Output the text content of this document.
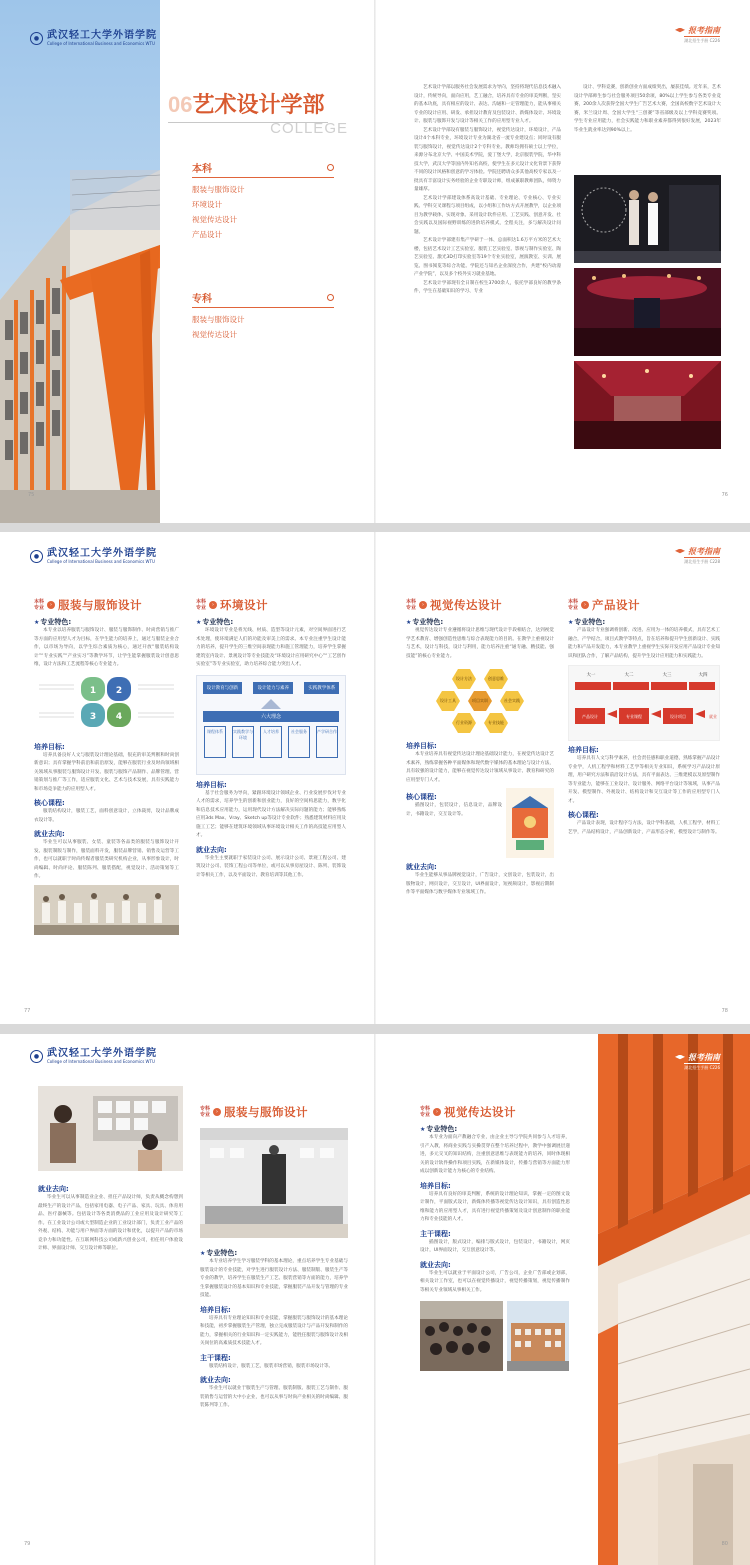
● 武汉轻工大学外语学院
College of International Business and Economics WTU
75
06艺术设计学部
COLLEGE
本科
服装与服饰设计
环境设计
视觉传达设计
产品设计
专科
服装与服饰设计
视觉传达设计
报考指南
湖北招生手册 C226

艺术设计学部以服务社会发展需求为导向，坚持将现代信息技术融入设计，传统导向，面向应用，艺工融合，培养具有专业的审美判断，坚实的基本功底，具有相应的设计、表达、沟通和一定管理能力，能从事相关专业的设计应用、研发、承担设计教育及包装设计、新媒体设计、环境设计、服装与服饰开发与设计等相关工作的应用型专业人才。

艺术设计学部设有服装与服饰设计，视觉传达设计，环境设计，产品设计4个本科专业，环境设计专业为湖北省一流专业建设点；同时设有服装与服饰设计，视觉传达设计2个专科专业。教师均拥有硕士以上学位，来源分布北京大学、中国美术学院，爱丁堡大学，北京服装学院，华中科技大学，武汉大学等国内外知名高校，使学生在多元设计文化背景下获得不同的设计风格和创意的学习体验。学院还聘请众多其他高校专家以及一批具有丰富设计实务经验的企业专职设计师，组成兼职教师团队，师资力量雄厚。

艺术设计学部建设体系高设计基础、专业理论、专业核心、专业实践、学科交叉课程与项目组成，以小组和工作坊方式开展教学，以企业项目为教学载体，实现对象、采用设计软件应用、工艺实践、创意开发、社会实践以及国际视野训练的进阶培养模式，全程关注，多与解决设计问题。

艺术设计学部建有集产学研于一体、总面积达1.6万平方米的艺术大楼，包括艺术设计工艺实验室、服装工艺实验室、影视与制作实验室、陶艺实验室、激光3D打印实验室等19个专业实验室，展演教室、实训、展览、图书阅览等综合功能。学院还与知名企业深度合作，共建“校内动漫产业学院”，以及多个校外实习就业基地。

艺术设计学部现有全日制在校生3700余人，依托学部良好的教学条件，学生在基础知识的学习、专业

设计、学科竞赛，创新创业方面成绩突出，屡获佳绩。近年来，艺术设计学部师生参与社会服务项目50余项，80%以上学生参与各类专业竞赛，200余人次获得全国大学生广告艺术大赛，全国高校数字艺术设计大赛，米兰设计周、全国大学生“三创赛”等省部级及以上学科竞赛奖项。学生专业应用能力，社会实践能力和职业素养都得到很好发展，2023年毕业生就业率达到90%以上。

76
● 武汉轻工大学外语学院
College of International Business and Economics WTU
报考指南
湖北招生手册 C228
本科
专业	› 服装与服饰设计
★ 专业特色:

本专业以培养服装与服饰设计、服装与服饰制作、时尚营销与推广等方面的应用型人才为目标，在学生能力的培养上，通过与服装企业合作，以市场为导向，以学生综合素质为核心，通过开放“服装结构设计”“专业实践”“产业实习”等教学环节，让学生能掌握服装设计创意思维，设计方法和工艺流程等核心专业能力。

1 2
3 4
培养目标:

培养具备良好人文与服装设计理论基础，很充的审美判断和时尚创新意识；具有掌握学科前沿和前沿原发，能够在服装行业及时尚领域相关领域从事服装与服饰设计开发、服装与服饰产品制作、品牌管理、营销策划与推广等工作，适应服装文化、艺术与技术发展，具有实践能力和市场竞争能力的应用型人才。

核心课程:

服装结构设计，服装工艺，面料创意设计，立体裁剪，设计品牌成衣设计等。

就业去向:

毕业生可以从事服装、女装、童装等各品类的服装与服饰设计开发、服装制版与制作，服装面料开发，服装品牌营销、销售及运营等工作，也可以就职于时尚传媒者服装类研究机构企业，从事形象设计，时尚编辑、时尚评论、服装陈列、服装搭配，视觉设计、活动策划等工作。

本科
专业	› 环境设计
★ 专业特色:

环境设计专业是将光线、材质、造型等设计元素，对空间界面进行艺术处理，使环境满足人们的功能及审美上的需求。本专业注重学生设计能力的培养，提升学生的三维空间表现能力和施工管理能力，培养学生掌握建筑室内设计、景观设计等专业技能及“环境设计应用研究中心”“工艺创作实验室”等专业实验室，助力培养综合能力突出人才。

设计教育与创新	设计能力与素养	实践教学体系
六大理念
课程体系	实践教学与环境
人才培养	社会服务	产学研合作
培养目标:

基于社会服务为导向，紧跟环境设计领域企业、行业发展步伐对专业人才的需求，培养学生的创新和创业能力，良好的空间构思能力，数字化和信息技术应用能力，运用现代设计方法解决实际问题的能力；能够熟练应用3ds Max、Vray、Sketch up等设计专业软件；熟悉建筑材料应用及施工工艺；能够在建筑环境领域从事环境设计相关工作的高技能应用型人才。

就业去向:

毕业生主要就职于家装设计公司、展示设计公司、景观工程公司、建筑设计公司、装饰工程公司等单位，或可以从事房屋设计、陈列、装饰设计等相关工作，以及平面设计、教育培训等其他工作。

本科
专业	› 视觉传达设计
★ 专业特色:

视觉传达设计专业遵循将设计思维与现代设计手段相结合，达到视觉学艺术教育、增强创造性思维与综合表现能力的目的。在教学上重视设计与艺术，设计与科技，设计与利用，能力培养注重“通专融、精技能、强技能”的核心专业能力。

设计方法	创意思维
设计工具	项目实训	社会实践
行业资源	专业技能
培养目标:

本专业培养具有视觉传达设计理论基础设计能力，在视觉传达设计艺术素养，熟练掌握各种平面媒体和现代数字媒体的基本理论与设计方法，具有较强的设计能力，能够在视觉传达设计领域从事设计、教育和研究的应用型专门人才。

核心课程:

插图设计，包装设计，信息设计，品牌设计，书籍设计，交互设计等。

就业去向:

毕业生能够从事品牌视觉设计，广告设计，文创设计，包装设计，出版物设计，网页设计，交互设计，UI界面设计，短视频设计，影视后期制作等平面媒体与数字媒体专业领域工作。

本科
专业	› 产品设计
★ 专业特色:

产品设计专业强调将创新、改进、应用为一体的培养模式，具有艺术工融合，产学结合，项目式教学等特点，旨在培养和提升学生创新设计、实践能力和产品开发能力，本专业教学上重视学生实际开发应用产品设计专业知识和团队合作，了解产品结构，提升学生设计应用能力和实践能力。

大一	大二	大三	大四
产品设计	专业课程	设计项目	就业
培养目标:

培养具有人文与科学素养，社会责任感和职业道德，熟练掌握产品设计专业学，人机工程学和材料工艺学等相关专业知识，系统学习产品设计原理，用户研究方法和前沿设计方法，具有平面表达、三维建模以及原型制作等专业能力，能够在工业设计、设计服务、网络平台设计等领域，从事产品开发、模型制作、外观设计、结构设计和交互设计等工作的应用型专门人才。

核心课程:

产品设计表现，设计程序与方法，设计学科基础，人机工程学，材料工艺学，产品结构设计，产品创新设计，产品形态分析，模型设计与制作等。

77	78
● 武汉轻工大学外语学院
College of International Business and Economics WTU
就业去向:

毕业生可以从事制造业企业、担任产品设计师，负责从概念构想到最终生产的设计产品，包括家用电器、电子产品、家具、玩具、体育用品、医疗器械等。包括设计等各类消费品的工业应用及设计研究等工作。在工业设计公司或大型制造企业的工业设计部门，负责工业产品的外观、结构、功能与用户界面等方面的设计和优化，以提升产品的市场竞争力和功能性。在互联网科技公司或新兴创业公司，担任用户体验设计师、界面设计师、交互设计师等职位。

专科
专业	› 服装与服饰设计
★ 专业特色:

本专业培养学生学习服装学科的基本理论，重点培养学生专业基础与服装设计的专业技能，对学生进行服装设计方法、服装制版、服装生产等专业的教学，培养学生在服装生产工艺、服装营销等方面的能力，培养学生掌握服装设计的基本知识和专业技能，掌握服装产品开发与管理的专业技能。

培养目标:

培养具有专业理论知识和专业技能，掌握服装与服饰设计的基本理论和技能，初步掌握服装生产管理，独立完成服装设计与产品开发和制作的能力，掌握相关的行业知识和一定实践能力，能胜任服装与服饰设计及相关岗位的高素质技术技能人才。

主干课程:

服装结构设计，服装工艺，服装市场营销，服装市场设计等。

就业去向:

毕业生可以就业于服装生产与管理、服装制版、服装工艺与制作、服装销售与运营的大中小企业，也可以从事与时尚产业相关的时尚编辑、服装陈列等工作。

专科
专业	› 视觉传达设计
★ 专业特色:

本专业为面向产教融合专业，由企业主导与学院共同参与人才培养，引产入教，将商业实践与实操贯穿在整个培养过程中，教学中强调展层递进，多元交叉的知识结构，注重创意思维与表现能力的培养，同时体现相关的设计软件操作和项目实践，在新媒体设计，传播与营销等方面能力形成以创新设计能力为核心的专业结构。

培养目标:

培养具有良好的审美判断，系统的设计理论知识，掌握一定的图文设计制作，平面版式设计，新媒体传播等视觉传达设计知识，具有创造性思维和能力的应用型人才，具有进行视觉传播策划及设计创意制作的职业能力和专业技能的人才。

主干课程:

插图设计，版式设计，编排与版式设计，包装设计，书籍设计，网页设计，UI界面设计，交互创意设计等。

就业去向:

毕业生可以就业于平面设计公司，广告公司，企业广告部或企划部，相关设计工作室，也可以在视觉传播设计，视觉传播策划，视觉传播制作等相关专业领域从事相关工作。

报考指南
湖北招生手册 C226
79	80
